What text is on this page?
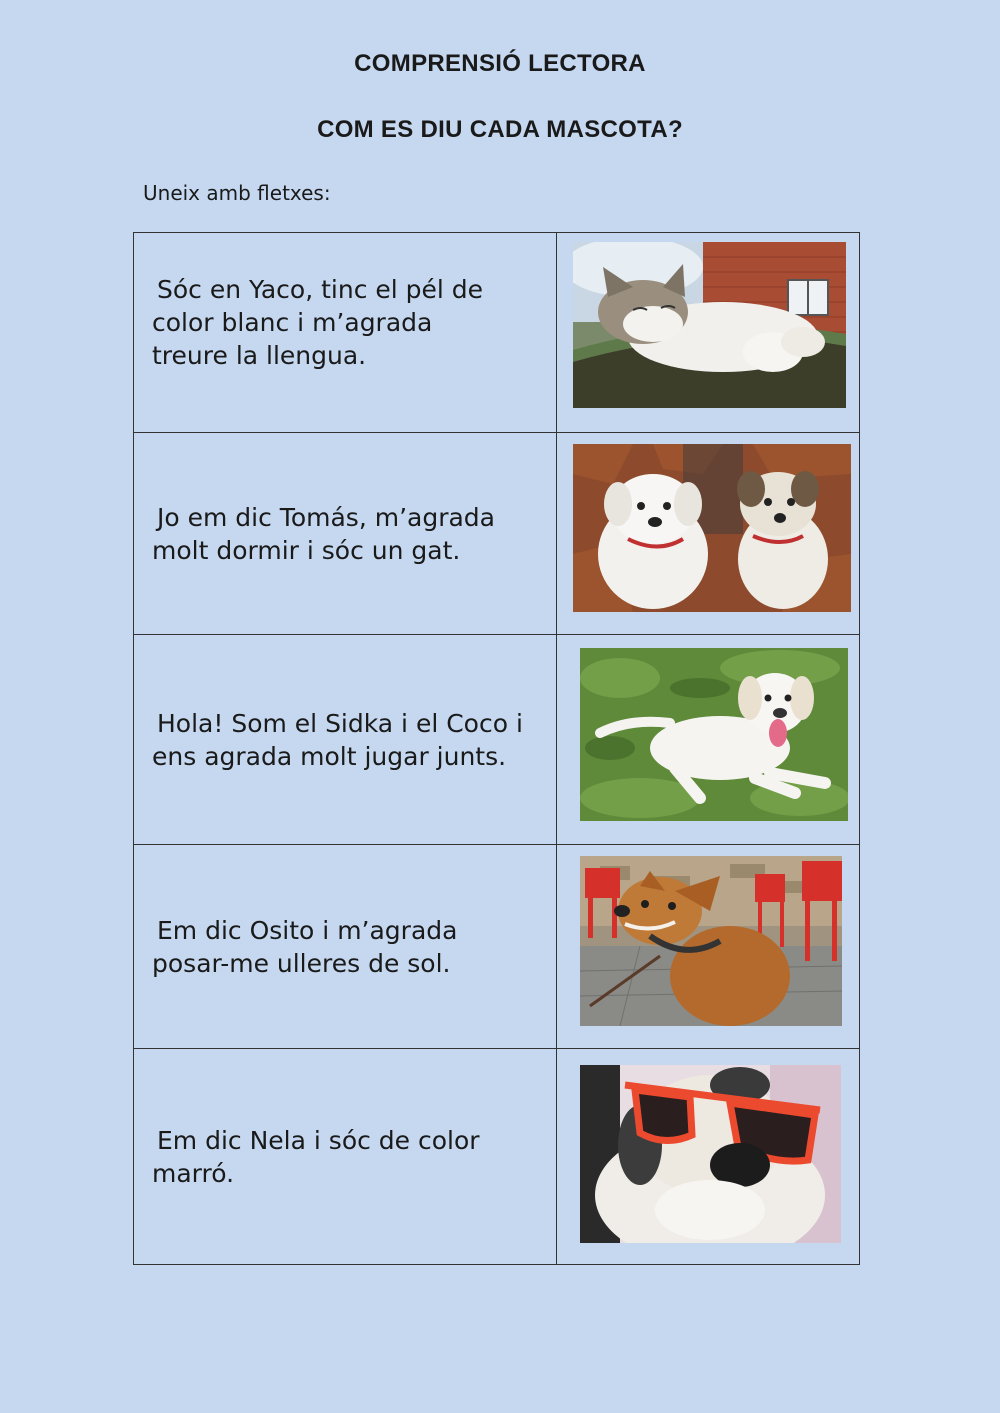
COMPRENSIÓ LECTORA
COM ES DIU CADA MASCOTA?
Uneix amb fletxes:

Sóc en Yaco, tinc el pél de
color blanc i m’agrada
treure la llengua.

Jo em dic Tomás, m’agrada
molt dormir i sóc un gat.

Hola! Som el Sidka i el Coco i
ens agrada molt jugar junts.

Em dic Osito i m’agrada
posar-me ulleres de sol.

Em dic Nela i sóc de color
marró.
